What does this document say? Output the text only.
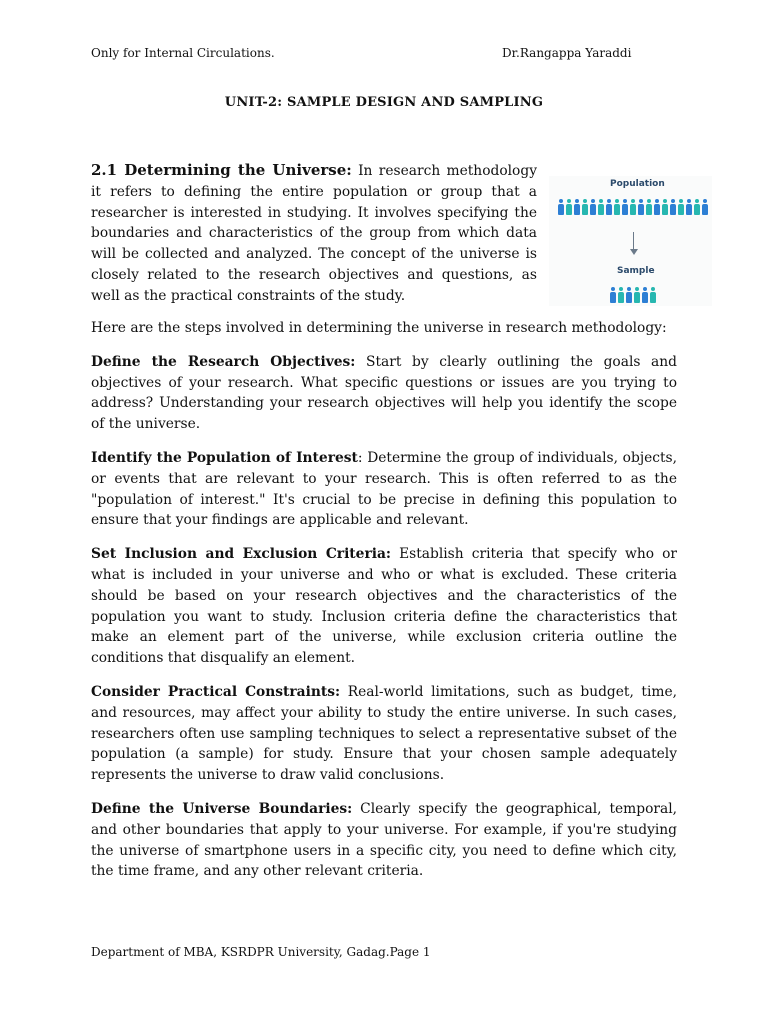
Only for Internal Circulations.	Dr.Rangappa Yaraddi
UNIT-2: SAMPLE DESIGN AND SAMPLING
2.1 Determining the Universe: In research methodology it refers to defining the entire population or group that a researcher is interested in studying. It involves specifying the boundaries and characteristics of the group from which data will be collected and analyzed. The concept of the universe is closely related to the research objectives and questions, as well as the practical constraints of the study.
Population
Sample

Here are the steps involved in determining the universe in research methodology:

Define the Research Objectives: Start by clearly outlining the goals and objectives of your research. What specific questions or issues are you trying to address? Understanding your research objectives will help you identify the scope of the universe.

Identify the Population of Interest: Determine the group of individuals, objects, or events that are relevant to your research. This is often referred to as the "population of interest." It's crucial to be precise in defining this population to ensure that your findings are applicable and relevant.

Set Inclusion and Exclusion Criteria: Establish criteria that specify who or what is included in your universe and who or what is excluded. These criteria should be based on your research objectives and the characteristics of the population you want to study. Inclusion criteria define the characteristics that make an element part of the universe, while exclusion criteria outline the conditions that disqualify an element.

Consider Practical Constraints: Real-world limitations, such as budget, time, and resources, may affect your ability to study the entire universe. In such cases, researchers often use sampling techniques to select a representative subset of the population (a sample) for study. Ensure that your chosen sample adequately represents the universe to draw valid conclusions.

Define the Universe Boundaries: Clearly specify the geographical, temporal, and other boundaries that apply to your universe. For example, if you're studying the universe of smartphone users in a specific city, you need to define which city, the time frame, and any other relevant criteria.

Department of MBA, KSRDPR University, Gadag.Page 1
